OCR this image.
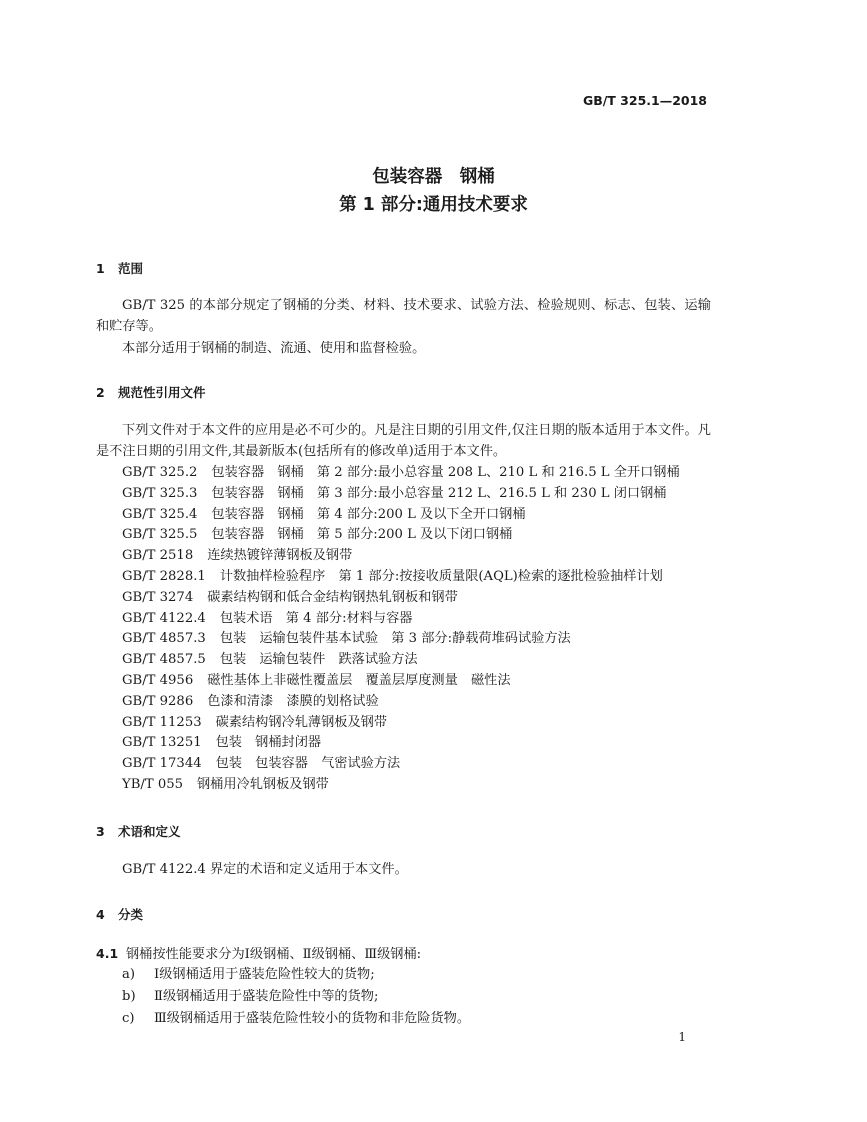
GB/T 325.1—2018
包装容器　钢桶
第 1 部分:通用技术要求
1 范围
GB/T 325 的本部分规定了钢桶的分类、材料、技术要求、试验方法、检验规则、标志、包装、运输和贮存等。
本部分适用于钢桶的制造、流通、使用和监督检验。
2 规范性引用文件
下列文件对于本文件的应用是必不可少的。凡是注日期的引用文件,仅注日期的版本适用于本文件。凡是不注日期的引用文件,其最新版本(包括所有的修改单)适用于本文件。
GB/T 325.2 包装容器　钢桶　第 2 部分:最小总容量 208 L、210 L 和 216.5 L 全开口钢桶
GB/T 325.3 包装容器　钢桶　第 3 部分:最小总容量 212 L、216.5 L 和 230 L 闭口钢桶
GB/T 325.4 包装容器　钢桶　第 4 部分:200 L 及以下全开口钢桶
GB/T 325.5 包装容器　钢桶　第 5 部分:200 L 及以下闭口钢桶
GB/T 2518 连续热镀锌薄钢板及钢带
GB/T 2828.1 计数抽样检验程序　第 1 部分:按接收质量限(AQL)检索的逐批检验抽样计划
GB/T 3274 碳素结构钢和低合金结构钢热轧钢板和钢带
GB/T 4122.4 包装术语　第 4 部分:材料与容器
GB/T 4857.3 包装　运输包装件基本试验　第 3 部分:静载荷堆码试验方法
GB/T 4857.5 包装　运输包装件　跌落试验方法
GB/T 4956 磁性基体上非磁性覆盖层　覆盖层厚度测量　磁性法
GB/T 9286 色漆和清漆　漆膜的划格试验
GB/T 11253 碳素结构钢冷轧薄钢板及钢带
GB/T 13251 包装　钢桶封闭器
GB/T 17344 包装　包装容器　气密试验方法
YB/T 055 钢桶用冷轧钢板及钢带
3 术语和定义
GB/T 4122.4 界定的术语和定义适用于本文件。
4 分类
4.1 钢桶按性能要求分为Ⅰ级钢桶、Ⅱ级钢桶、Ⅲ级钢桶:
a) Ⅰ级钢桶适用于盛装危险性较大的货物;
b) Ⅱ级钢桶适用于盛装危险性中等的货物;
c) Ⅲ级钢桶适用于盛装危险性较小的货物和非危险货物。
1
